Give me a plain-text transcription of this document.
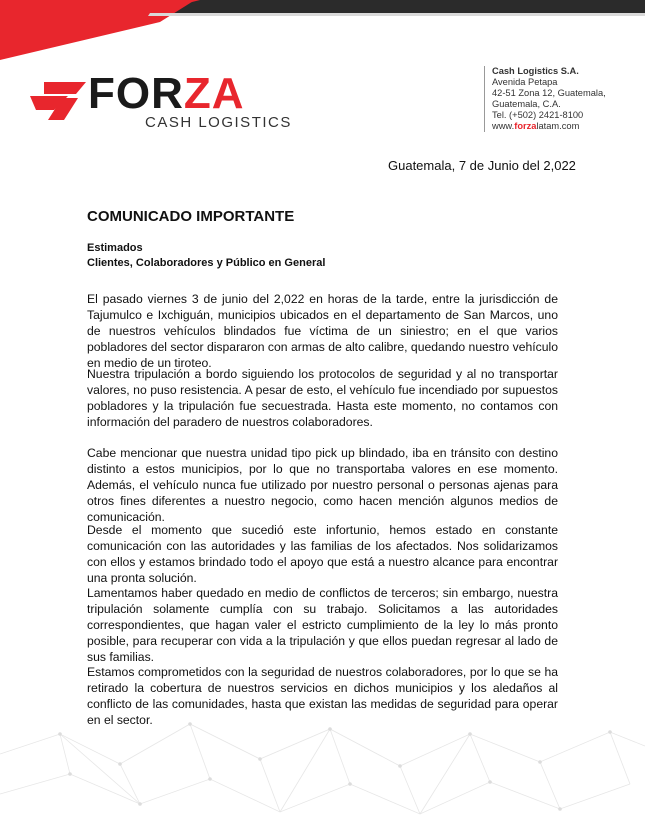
FORZA
CASH LOGISTICS
Cash Logistics S.A.
Avenida Petapa
42-51 Zona 12, Guatemala,
Guatemala, C.A.
Tel. (+502) 2421-8100
www.forzalatam.com
Guatemala, 7 de Junio del 2,022
COMUNICADO IMPORTANTE
Estimados
Clientes, Colaboradores y Público en General
El pasado viernes 3 de junio del 2,022 en horas de la tarde, entre la jurisdicción de Tajumulco e Ixchiguán, municipios ubicados en el departamento de San Marcos, uno de nuestros vehículos blindados fue víctima de un siniestro; en el que varios pobladores del sector dispararon con armas de alto calibre, quedando nuestro vehículo en medio de un tiroteo.
Nuestra tripulación a bordo siguiendo los protocolos de seguridad y al no transportar valores, no puso resistencia. A pesar de esto, el vehículo fue incendiado por supuestos pobladores y la tripulación fue secuestrada. Hasta este momento, no contamos con información del paradero de nuestros colaboradores.
Cabe mencionar que nuestra unidad tipo pick up blindado, iba en tránsito con destino distinto a estos municipios, por lo que no transportaba valores en ese momento. Además, el vehículo nunca fue utilizado por nuestro personal o personas ajenas para otros fines diferentes a nuestro negocio, como hacen mención algunos medios de comunicación.
Desde el momento que sucedió este infortunio, hemos estado en constante comunicación con las autoridades y las familias de los afectados. Nos solidarizamos con ellos y estamos brindado todo el apoyo que está a nuestro alcance para encontrar una pronta solución.
Lamentamos haber quedado en medio de conflictos de terceros; sin embargo, nuestra tripulación solamente cumplía con su trabajo. Solicitamos a las autoridades correspondientes, que hagan valer el estricto cumplimiento de la ley lo más pronto posible, para recuperar con vida a la tripulación y que ellos puedan regresar al lado de sus familias.
Estamos comprometidos con la seguridad de nuestros colaboradores, por lo que se ha retirado la cobertura de nuestros servicios en dichos municipios y los aledaños al conflicto de las comunidades, hasta que existan las medidas de seguridad para operar en el sector.
